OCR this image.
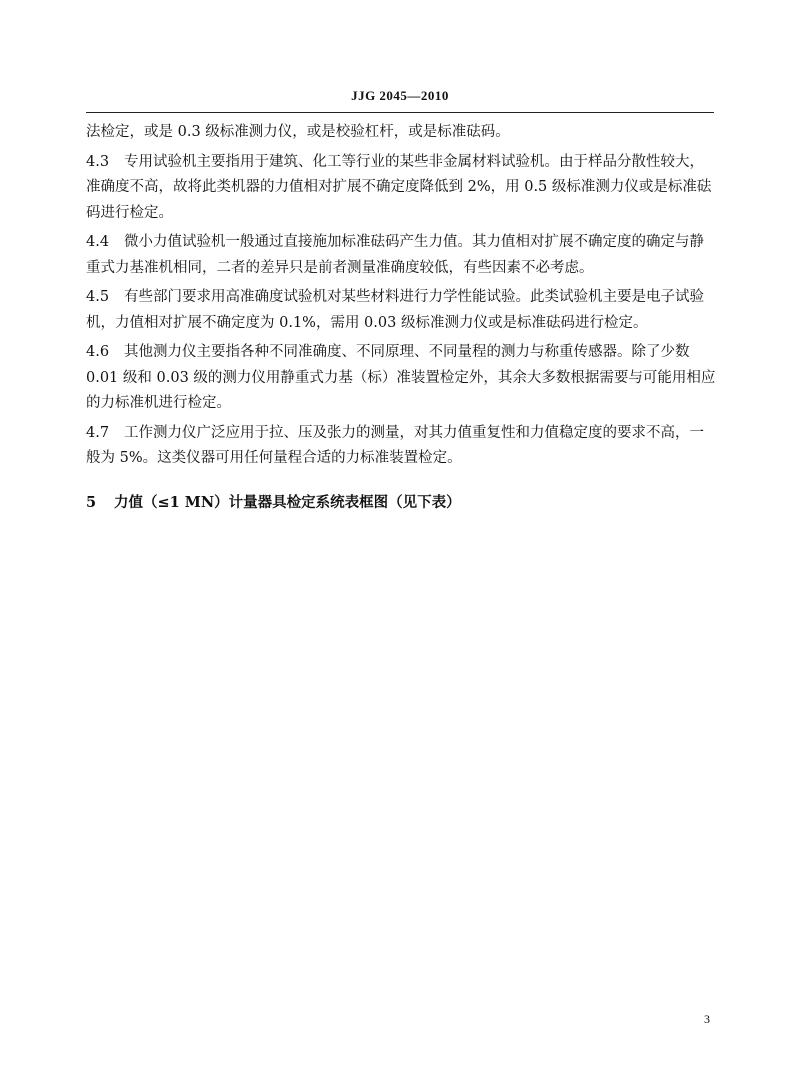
JJG 2045—2010

法检定，或是 0.3 级标准测力仪，或是校验杠杆，或是标准砝码。

4.3 专用试验机主要指用于建筑、化工等行业的某些非金属材料试验机。由于样品分散性较大，准确度不高，故将此类机器的力值相对扩展不确定度降低到 2%，用 0.5 级标准测力仪或是标准砝码进行检定。

4.4 微小力值试验机一般通过直接施加标准砝码产生力值。其力值相对扩展不确定度的确定与静重式力基准机相同，二者的差异只是前者测量准确度较低，有些因素不必考虑。

4.5 有些部门要求用高准确度试验机对某些材料进行力学性能试验。此类试验机主要是电子试验机，力值相对扩展不确定度为 0.1%，需用 0.03 级标准测力仪或是标准砝码进行检定。

4.6 其他测力仪主要指各种不同准确度、不同原理、不同量程的测力与称重传感器。除了少数 0.01 级和 0.03 级的测力仪用静重式力基（标）准装置检定外，其余大多数根据需要与可能用相应的力标准机进行检定。

4.7 工作测力仪广泛应用于拉、压及张力的测量，对其力值重复性和力值稳定度的要求不高，一般为 5%。这类仪器可用任何量程合适的力标准装置检定。

5 力值（≤1 MN）计量器具检定系统表框图（见下表）

3
